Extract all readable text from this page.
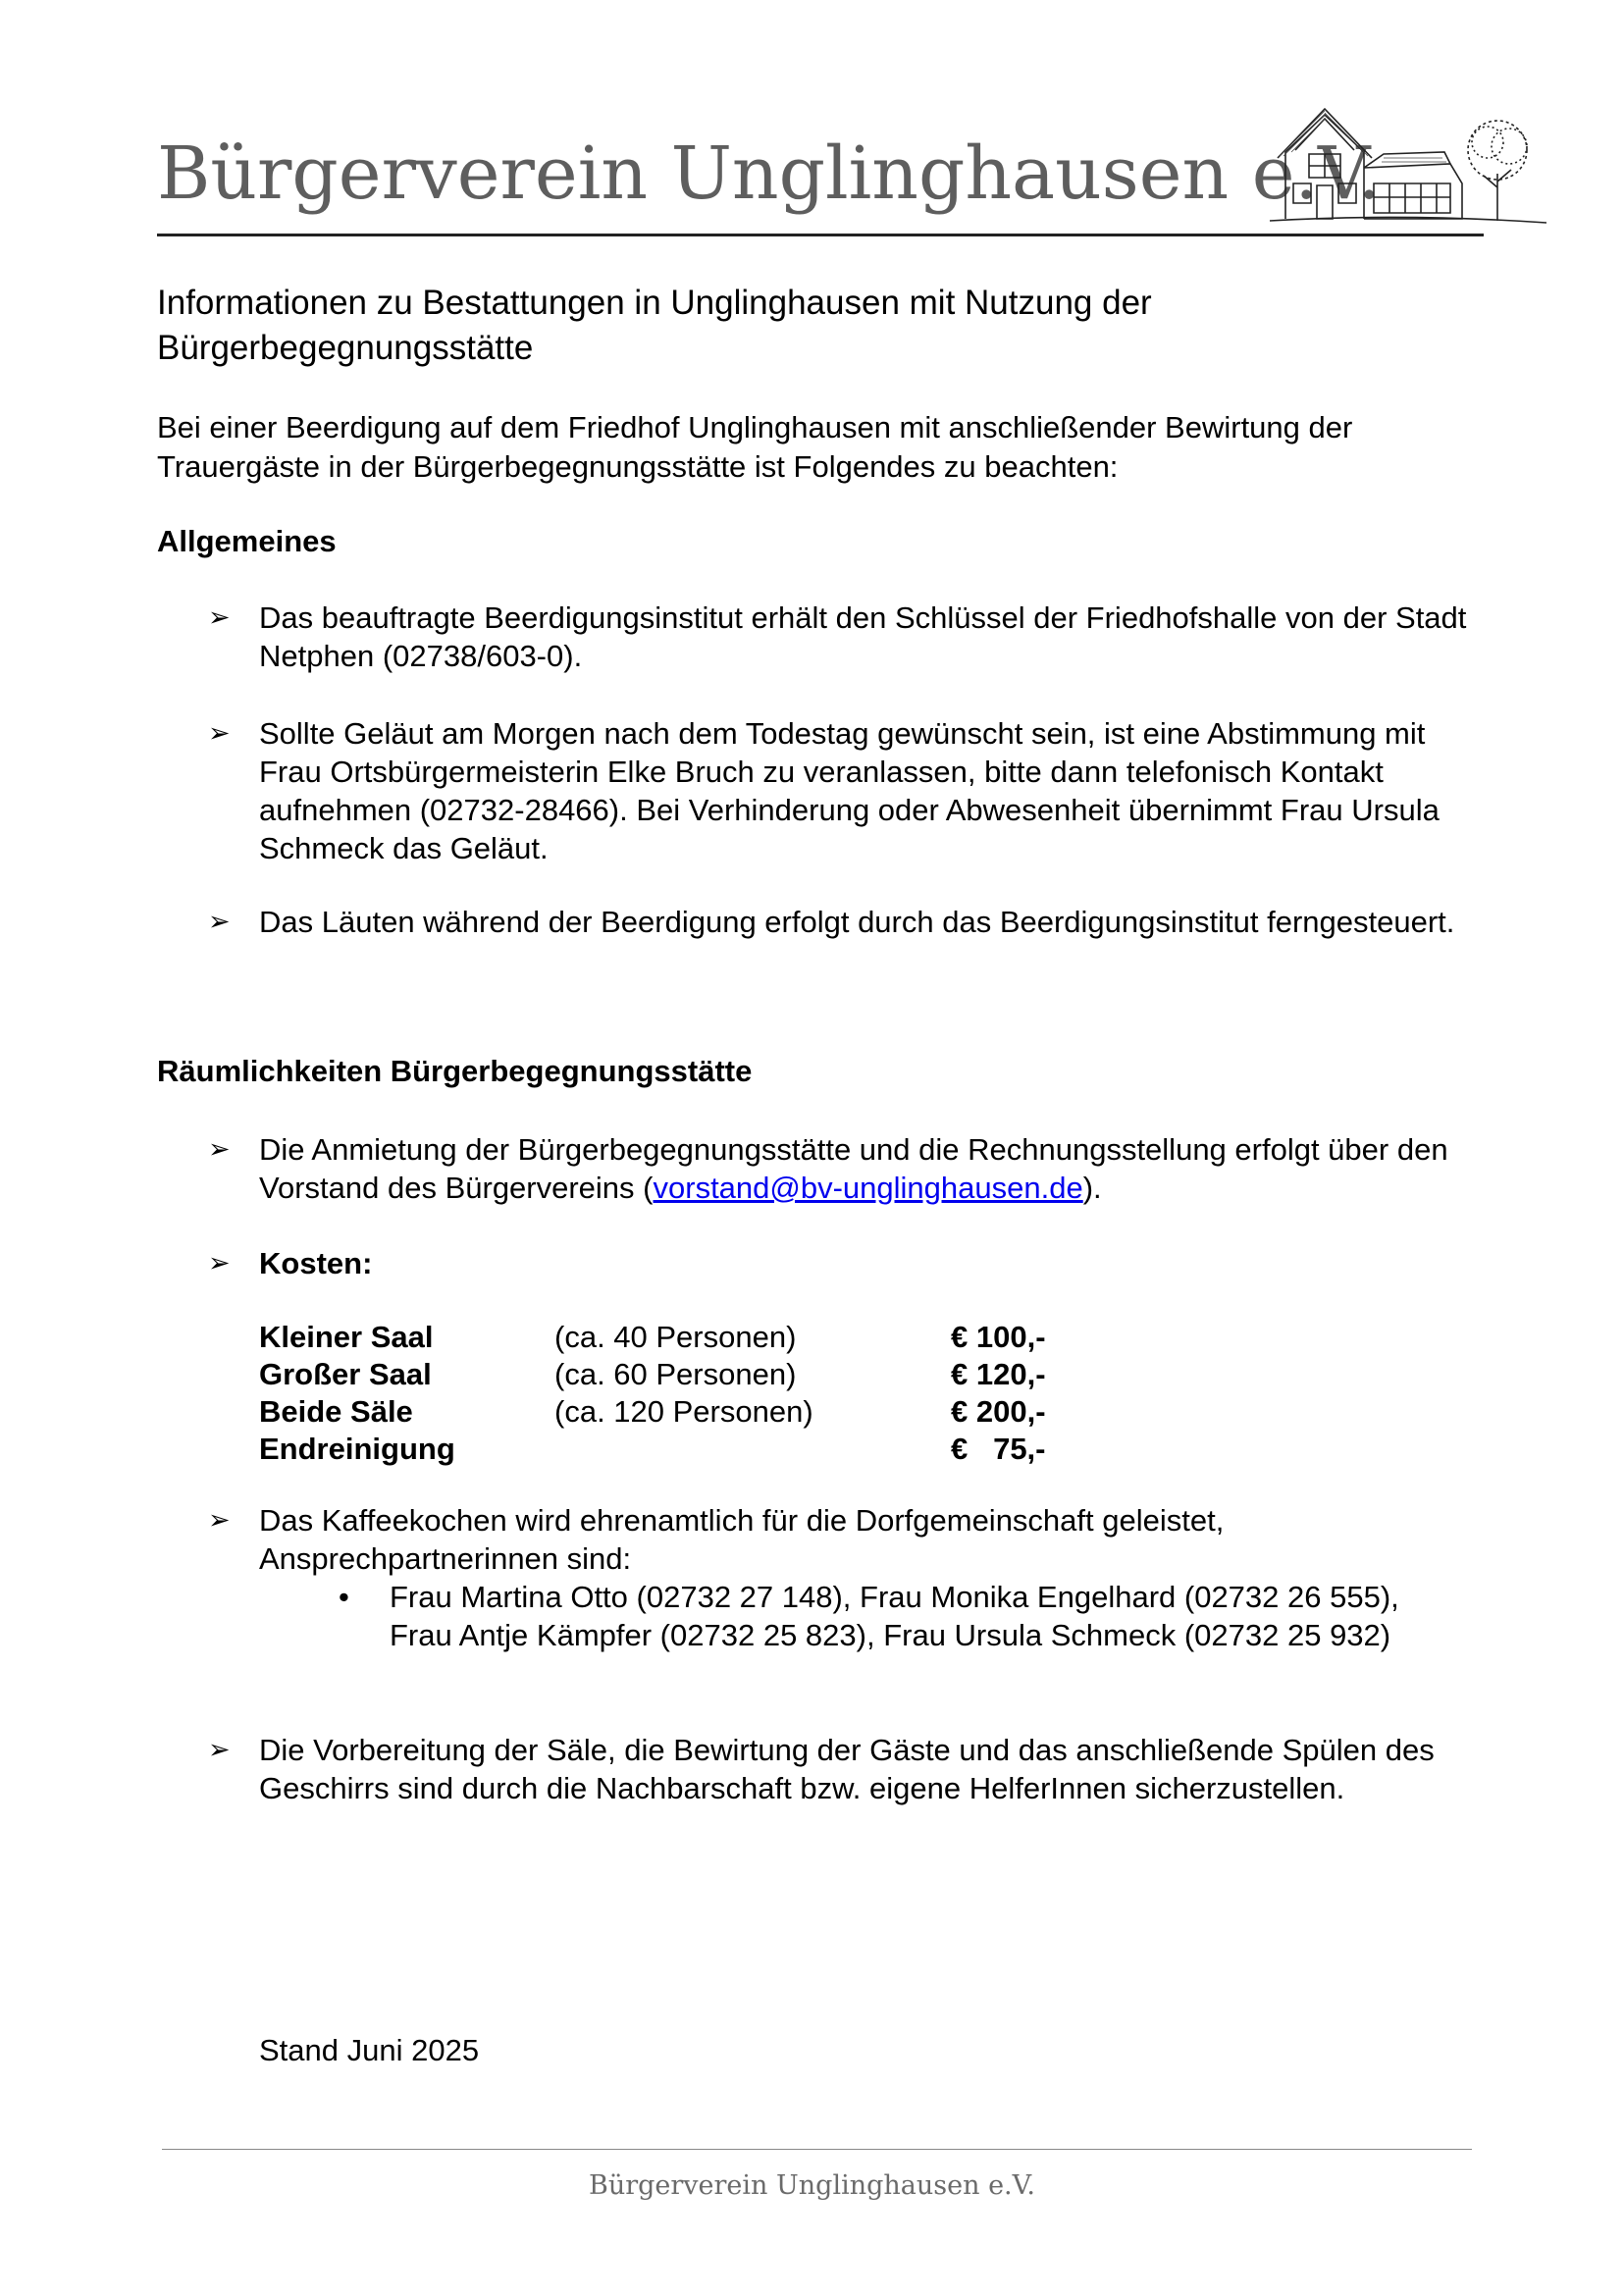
Bürgerverein Unglinghausen e.V.
Informationen zu Bestattungen in Unglinghausen mit Nutzung der Bürgerbegegnungsstätte

Bei einer Beerdigung auf dem Friedhof Unglinghausen mit anschließender Bewirtung der Trauergäste in der Bürgerbegegnungsstätte ist Folgendes zu beachten:

Allgemeines
➢ Das beauftragte Beerdigungsinstitut erhält den Schlüssel der Friedhofshalle von der Stadt Netphen (02738/603-0).
➢ Sollte Geläut am Morgen nach dem Todestag gewünscht sein, ist eine Abstimmung mit Frau Ortsbürgermeisterin Elke Bruch zu veranlassen, bitte dann telefonisch Kontakt aufnehmen (02732-28466). Bei Verhinderung oder Abwesenheit übernimmt Frau Ursula Schmeck das Geläut.
➢ Das Läuten während der Beerdigung erfolgt durch das Beerdigungsinstitut ferngesteuert.
Räumlichkeiten Bürgerbegegnungsstätte
➢ Die Anmietung der Bürgerbegegnungsstätte und die Rechnungsstellung erfolgt über den Vorstand des Bürgervereins (vorstand@bv-unglinghausen.de).
➢ Kosten:
Kleiner Saal	(ca. 40 Personen)	€ 100,-
Großer Saal	(ca. 60 Personen)	€ 120,-
Beide Säle	(ca. 120 Personen)	€ 200,-
Endreinigung		€   75,-
➢ Das Kaffeekochen wird ehrenamtlich für die Dorfgemeinschaft geleistet, Ansprechpartnerinnen sind:
• Frau Martina Otto (02732 27 148), Frau Monika Engelhard (02732 26 555), Frau Antje Kämpfer (02732 25 823), Frau Ursula Schmeck (02732 25 932)
➢ Die Vorbereitung der Säle, die Bewirtung der Gäste und das anschließende Spülen des Geschirrs sind durch die Nachbarschaft bzw. eigene HelferInnen sicherzustellen.
Stand Juni 2025
Bürgerverein Unglinghausen e.V.
